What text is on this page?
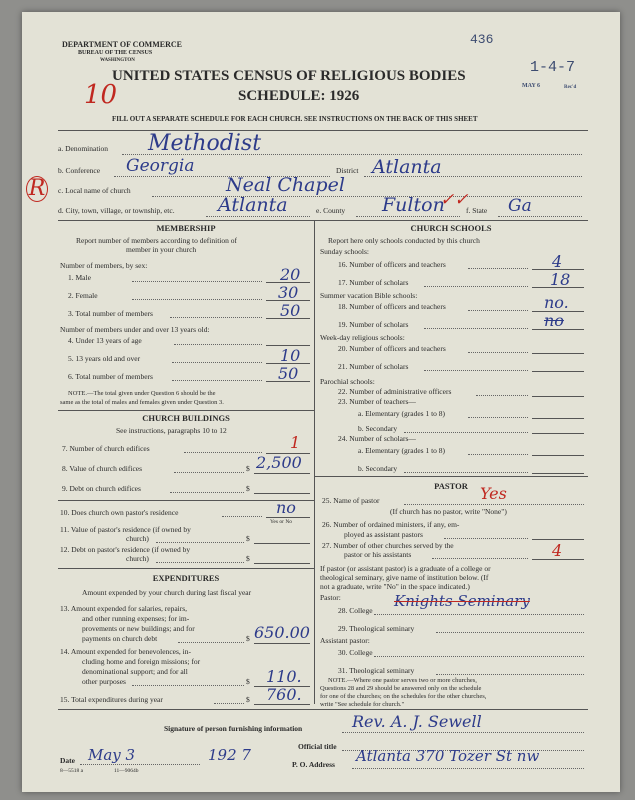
DEPARTMENT OF COMMERCE
BUREAU OF THE CENSUS
WASHINGTON
436
1-4-7
MAY 6	Rec'd
UNITED STATES CENSUS OF RELIGIOUS BODIES
SCHEDULE: 1926
10
FILL OUT A SEPARATE SCHEDULE FOR EACH CHURCH. SEE INSTRUCTIONS ON THE BACK OF THIS SHEET
R
a. Denomination Methodist
b. Conference Georgia	District Atlanta
c. Local name of church	Neal Chapel
d. City, town, village, or township, etc. Atlanta	e. County Fulton
✓✓
f. State Ga
MEMBERSHIP
Report number of members according to definition of
member in your church
Number of members, by sex:
1. Male	20
2. Female	30
3. Total number of members	50
Number of members under and over 13 years old:
4. Under 13 years of age
5. 13 years old and over	10
6. Total number of members	50
NOTE.—The total given under Question 6 should be the
same as the total of males and females given under Question 3.
CHURCH BUILDINGS
See instructions, paragraphs 10 to 12
7. Number of church edifices	1
8. Value of church edifices	$ 2,500
9. Debt on church edifices	$
10. Does church own pastor's residence	no
Yes or No
11. Value of pastor's residence (if owned by
church)	$
12. Debt on pastor's residence (if owned by
church)	$
EXPENDITURES
Amount expended by your church during last fiscal year
13. Amount expended for salaries, repairs,
and other running expenses; for im-
provements or new buildings; and for
payments on church debt	$ 650.00
14. Amount expended for benevolences, in-
cluding home and foreign missions; for
denominational support; and for all
other purposes	$ 110.
15. Total expenditures during year	$ 760.
CHURCH SCHOOLS
Report here only schools conducted by this church
Sunday schools:
16. Number of officers and teachers	4
17. Number of scholars	18
Summer vacation Bible schools:
18. Number of officers and teachers	no.
19. Number of scholars	no
Week-day religious schools:
20. Number of officers and teachers
21. Number of scholars
Parochial schools:
22. Number of administrative officers
23. Number of teachers—
a. Elementary (grades 1 to 8)
b. Secondary
24. Number of scholars—
a. Elementary (grades 1 to 8)
b. Secondary
PASTOR
25. Name of pastor	Yes
(If church has no pastor, write "None")
26. Number of ordained ministers, if any, em-
ployed as assistant pastors
27. Number of other churches served by the
pastor or his assistants	4
If pastor (or assistant pastor) is a graduate of a college or
theological seminary, give name of institution below. (If
not a graduate, write "No" in the space indicated.)
Pastor:
28. College
Knights Seminary
29. Theological seminary
Assistant pastor:
30. College
31. Theological seminary
NOTE.—Where one pastor serves two or more churches,
Questions 28 and 29 should be answered only on the schedule
for one of the churches; on the schedules for the other churches,
write "See schedule for church."
Signature of person furnishing information	Rev. A. J. Sewell
Official title
Date May 3	192 7
P. O. Address Atlanta 370 Tozer St nw
8—5518 a	11—9064b
